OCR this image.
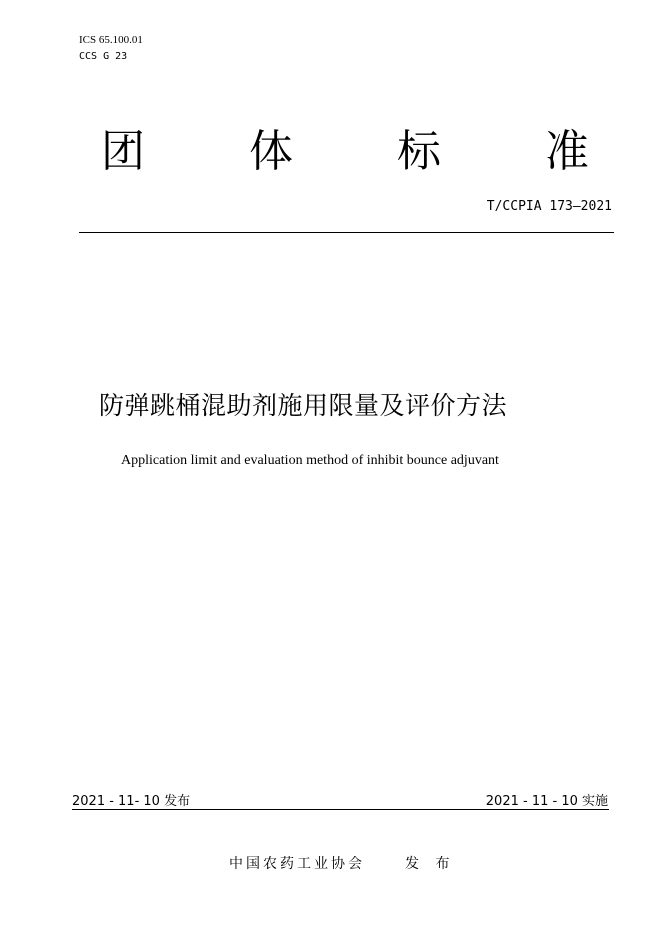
ICS 65.100.01
CCS G 23
团 体 标 准
T/CCPIA 173—2021
防弹跳桶混助剂施用限量及评价方法
Application limit and evaluation method of inhibit bounce adjuvant
2021 - 11- 10 发布	2021 - 11 - 10 实施
中国农药工业协会	发 布
